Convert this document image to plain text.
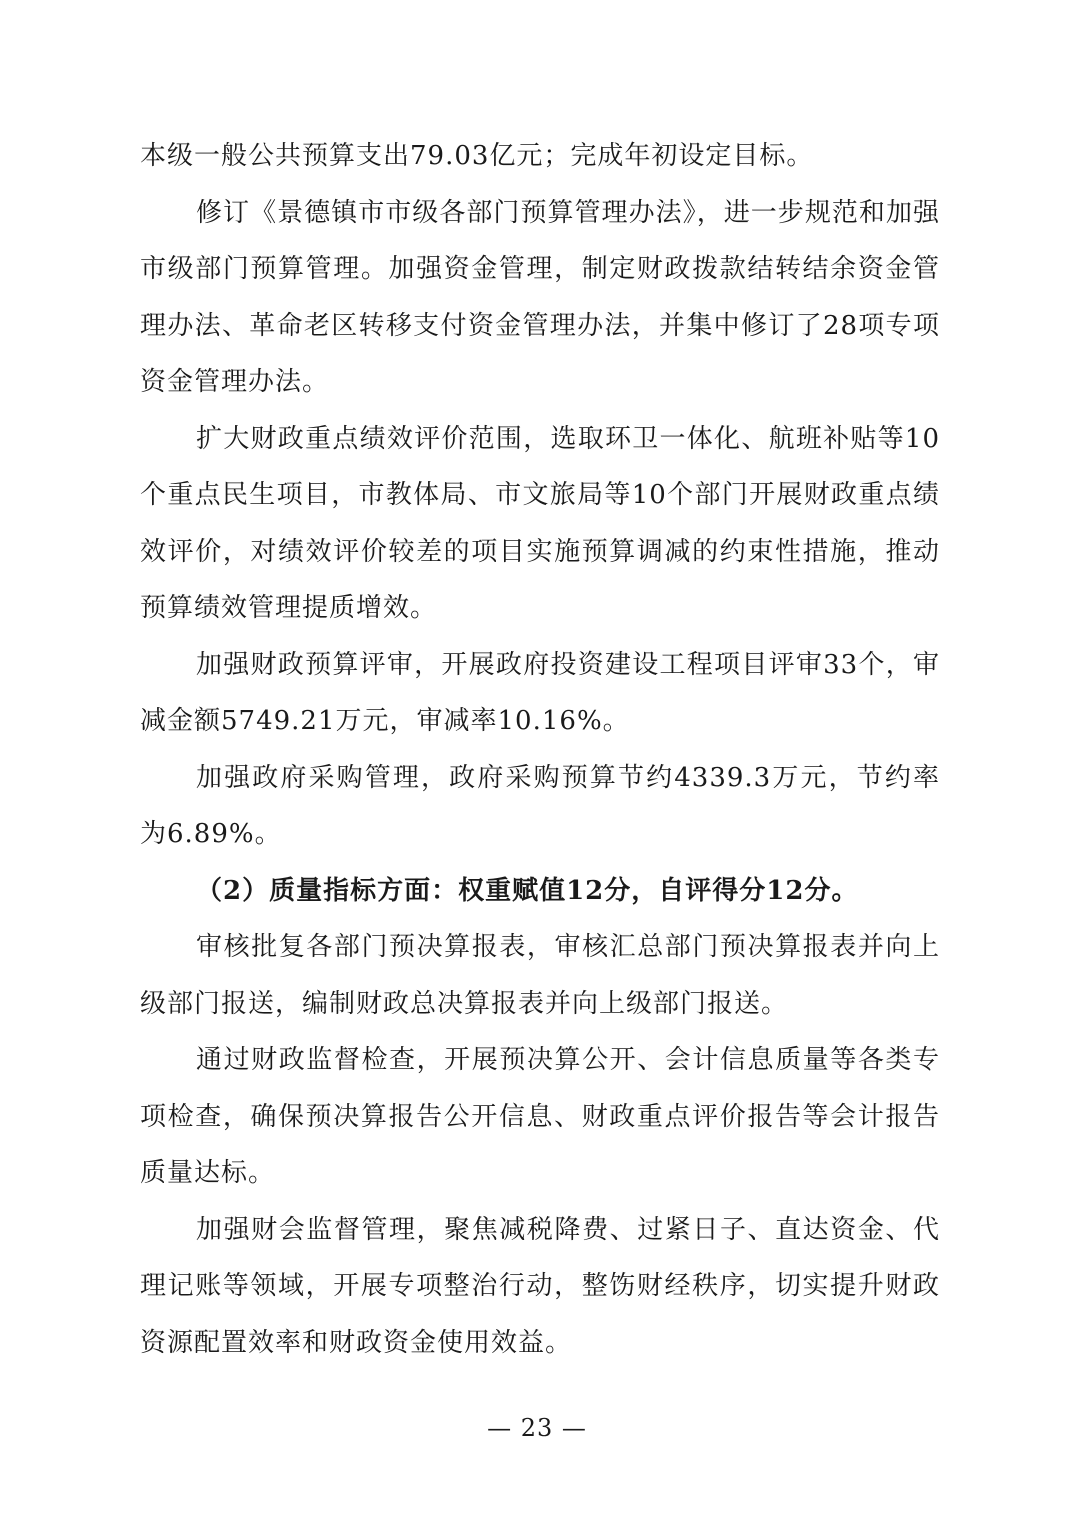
本级一般公共预算支出79.03亿元；完成年初设定目标。

修订《景德镇市市级各部门预算管理办法》，进一步规范和加强市级部门预算管理。加强资金管理，制定财政拨款结转结余资金管理办法、革命老区转移支付资金管理办法，并集中修订了28项专项资金管理办法。

扩大财政重点绩效评价范围，选取环卫一体化、航班补贴等10个重点民生项目，市教体局、市文旅局等10个部门开展财政重点绩效评价，对绩效评价较差的项目实施预算调减的约束性措施，推动预算绩效管理提质增效。

加强财政预算评审，开展政府投资建设工程项目评审33个，审减金额5749.21万元，审减率10.16%。

加强政府采购管理，政府采购预算节约4339.3万元，节约率为6.89%。

（2）质量指标方面：权重赋值12分，自评得分12分。

审核批复各部门预决算报表，审核汇总部门预决算报表并向上级部门报送，编制财政总决算报表并向上级部门报送。

通过财政监督检查，开展预决算公开、会计信息质量等各类专项检查，确保预决算报告公开信息、财政重点评价报告等会计报告质量达标。

加强财会监督管理，聚焦减税降费、过紧日子、直达资金、代理记账等领域，开展专项整治行动，整饬财经秩序，切实提升财政资源配置效率和财政资金使用效益。

— 23 —
